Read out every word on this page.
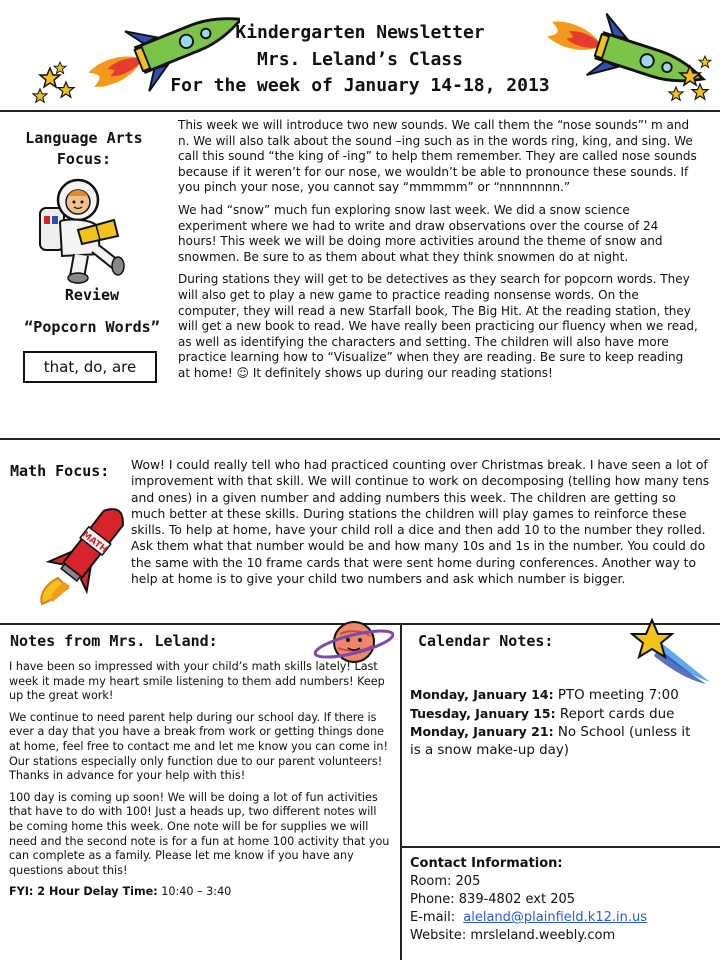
Kindergarten Newsletter
Mrs. Leland’s Class
For the week of January 14-18, 2013
Language Arts
Focus:
Review
“Popcorn Words”
that, do, are

This week we will introduce two new sounds. We call them the “nose sounds”' m and n. We will also talk about the sound –ing such as in the words ring, king, and sing. We call this sound “the king of -ing” to help them remember. They are called nose sounds because if it weren’t for our nose, we wouldn’t be able to pronounce these sounds. If you pinch your nose, you cannot say “mmmmm” or “nnnnnnnn.”

We had “snow” much fun exploring snow last week. We did a snow science experiment where we had to write and draw observations over the course of 24 hours! This week we will be doing more activities around the theme of snow and snowmen. Be sure to as them about what they think snowmen do at night.

During stations they will get to be detectives as they search for popcorn words. They will also get to play a new game to practice reading nonsense words. On the computer, they will read a new Starfall book, The Big Hit. At the reading station, they will get a new book to read. We have really been practicing our fluency when we read, as well as identifying the characters and setting. The children will also have more practice learning how to “Visualize” when they are reading. Be sure to keep reading at home! ☺ It definitely shows up during our reading stations!

Math Focus:
MATH

Wow! I could really tell who had practiced counting over Christmas break. I have seen a lot of improvement with that skill. We will continue to work on decomposing (telling how many tens and ones) in a given number and adding numbers this week. The children are getting so much better at these skills. During stations the children will play games to reinforce these skills. To help at home, have your child roll a dice and then add 10 to the number they rolled. Ask them what that number would be and how many 10s and 1s in the number. You could do the same with the 10 frame cards that were sent home during conferences. Another way to help at home is to give your child two numbers and ask which number is bigger.

Notes from Mrs. Leland:

I have been so impressed with your child’s math skills lately! Last week it made my heart smile listening to them add numbers! Keep up the great work!

We continue to need parent help during our school day. If there is ever a day that you have a break from work or getting things done at home, feel free to contact me and let me know you can come in! Our stations especially only function due to our parent volunteers! Thanks in advance for your help with this!

100 day is coming up soon! We will be doing a lot of fun activities that have to do with 100! Just a heads up, two different notes will be coming home this week. One note will be for supplies we will need and the second note is for a fun at home 100 activity that you can complete as a family. Please let me know if you have any questions about this!

FYI: 2 Hour Delay Time: 10:40 – 3:40

Calendar Notes:
Monday, January 14: PTO meeting 7:00
Tuesday, January 15: Report cards due
Monday, January 21: No School (unless it is a snow make-up day)
Contact Information:
Room: 205
Phone: 839-4802 ext 205
E-mail: aleland@plainfield.k12.in.us
Website: mrsleland.weebly.com
